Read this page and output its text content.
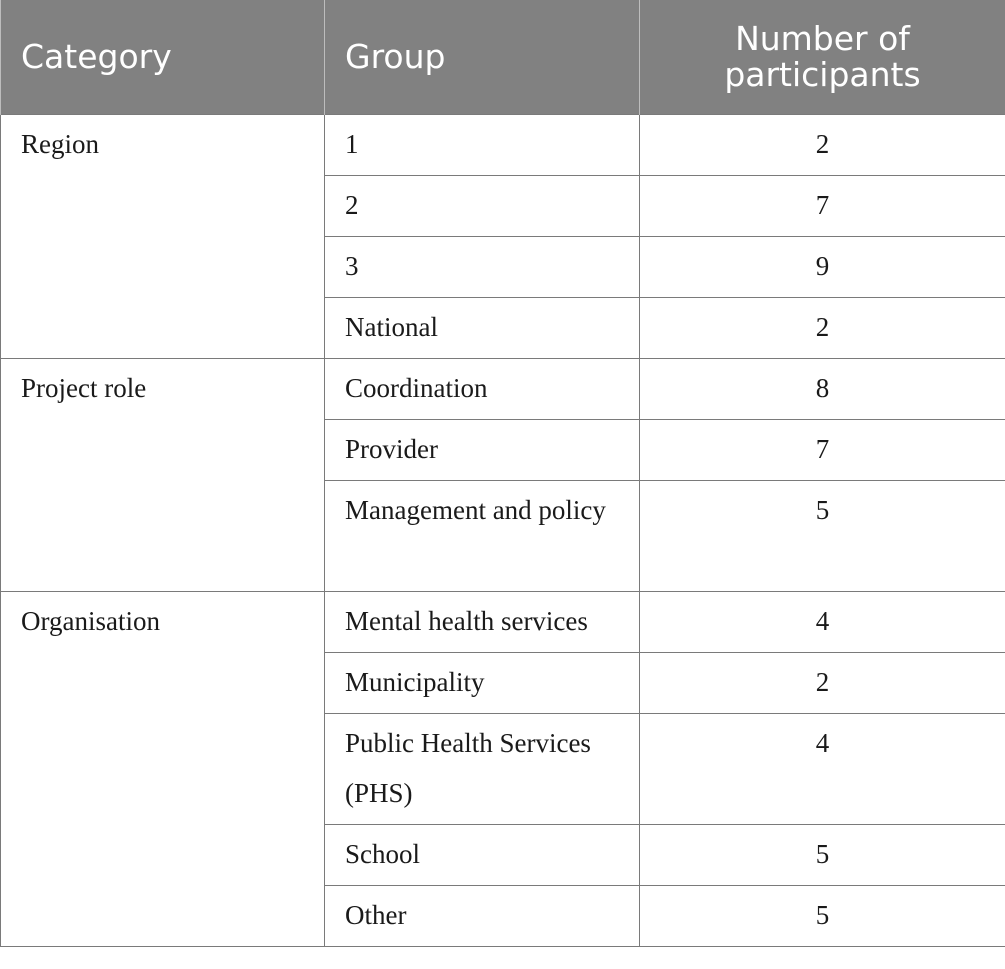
Category	Group	Number of
participants
Region	1	2
	2	7
	3	9
	National	2
Project role	Coordination	8
	Provider	7
	Management and policy	5
Organisation	Mental health services	4
	Municipality	2
	Public Health Services (PHS)	4
	School	5
	Other	5
